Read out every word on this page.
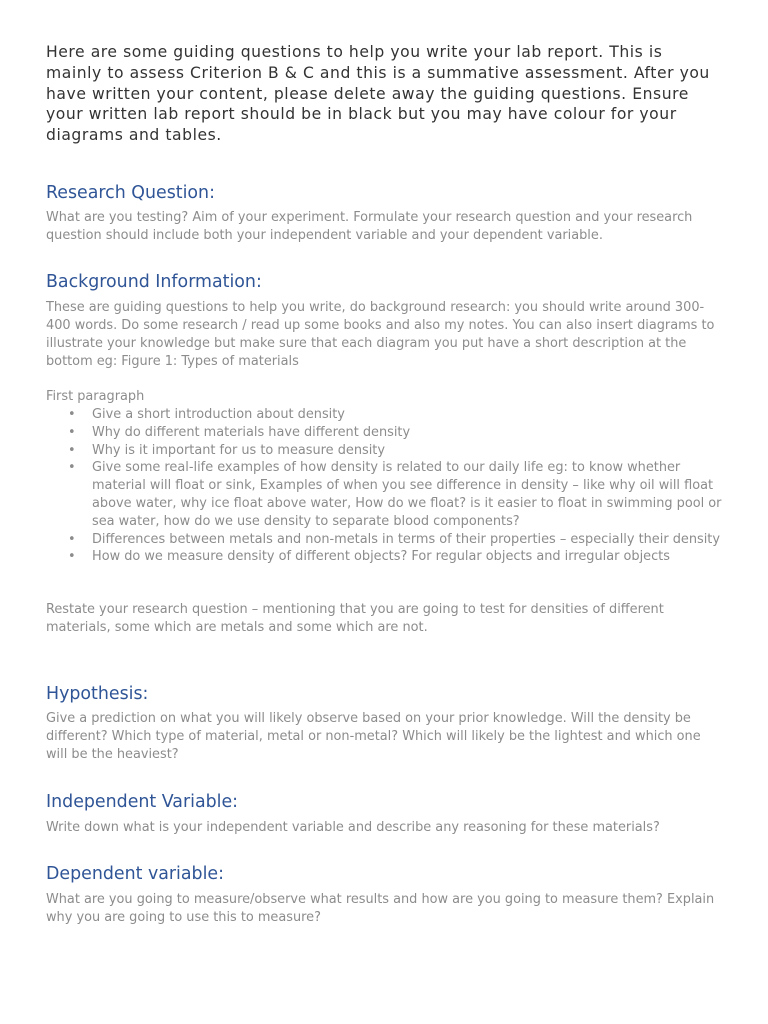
Here are some guiding questions to help you write your lab report. This is mainly to assess Criterion B & C and this is a summative assessment. After you have written your content, please delete away the guiding questions. Ensure your written lab report should be in black but you may have colour for your diagrams and tables.

Research Question:

What are you testing? Aim of your experiment. Formulate your research question and your research question should include both your independent variable and your dependent variable.

Background Information:

These are guiding questions to help you write, do background research: you should write around 300-400 words. Do some research / read up some books and also my notes. You can also insert diagrams to illustrate your knowledge but make sure that each diagram you put have a short description at the bottom eg: Figure 1: Types of materials

First paragraph

• Give a short introduction about density
• Why do different materials have different density
• Why is it important for us to measure density
• Give some real-life examples of how density is related to our daily life eg: to know whether material will float or sink, Examples of when you see difference in density – like why oil will float above water, why ice float above water, How do we float? is it easier to float in swimming pool or sea water, how do we use density to separate blood components?
• Differences between metals and non-metals in terms of their properties – especially their density
• How do we measure density of different objects? For regular objects and irregular objects

Restate your research question – mentioning that you are going to test for densities of different materials, some which are metals and some which are not.

Hypothesis:

Give a prediction on what you will likely observe based on your prior knowledge. Will the density be different? Which type of material, metal or non-metal? Which will likely be the lightest and which one will be the heaviest?

Independent Variable:

Write down what is your independent variable and describe any reasoning for these materials?

Dependent variable:

What are you going to measure/observe what results and how are you going to measure them? Explain why you are going to use this to measure?
